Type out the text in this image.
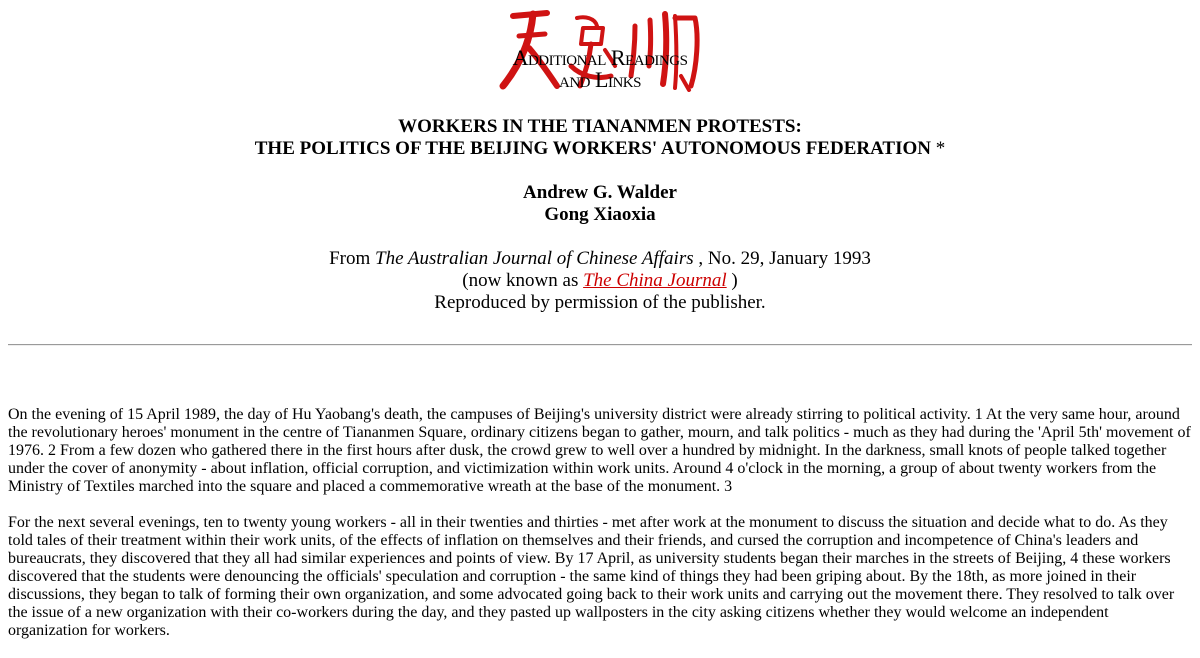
Additional Readings
and Links
WORKERS IN THE TIANANMEN PROTESTS:
THE POLITICS OF THE BEIJING WORKERS' AUTONOMOUS FEDERATION *
Andrew G. Walder
Gong Xiaoxia
From The Australian Journal of Chinese Affairs , No. 29, January 1993
(now known as The China Journal )
Reproduced by permission of the publisher.

On the evening of 15 April 1989, the day of Hu Yaobang's death, the campuses of Beijing's university district were already stirring to political activity. 1 At the very same hour, around the revolutionary heroes' monument in the centre of Tiananmen Square, ordinary citizens began to gather, mourn, and talk politics - much as they had during the 'April 5th' movement of 1976. 2 From a few dozen who gathered there in the first hours after dusk, the crowd grew to well over a hundred by midnight. In the darkness, small knots of people talked together under the cover of anonymity - about inflation, official corruption, and victimization within work units. Around 4 o'clock in the morning, a group of about twenty workers from the Ministry of Textiles marched into the square and placed a commemorative wreath at the base of the monument. 3

For the next several evenings, ten to twenty young workers - all in their twenties and thirties - met after work at the monument to discuss the situation and decide what to do. As they told tales of their treatment within their work units, of the effects of inflation on themselves and their friends, and cursed the corruption and incompetence of China's leaders and bureaucrats, they discovered that they all had similar experiences and points of view. By 17 April, as university students began their marches in the streets of Beijing, 4 these workers discovered that the students were denouncing the officials' speculation and corruption - the same kind of things they had been griping about. By the 18th, as more joined in their discussions, they began to talk of forming their own organization, and some advocated going back to their work units and carrying out the movement there. They resolved to talk over the issue of a new organization with their co-workers during the day, and they pasted up wallposters in the city asking citizens whether they would welcome an independent organization for workers.
